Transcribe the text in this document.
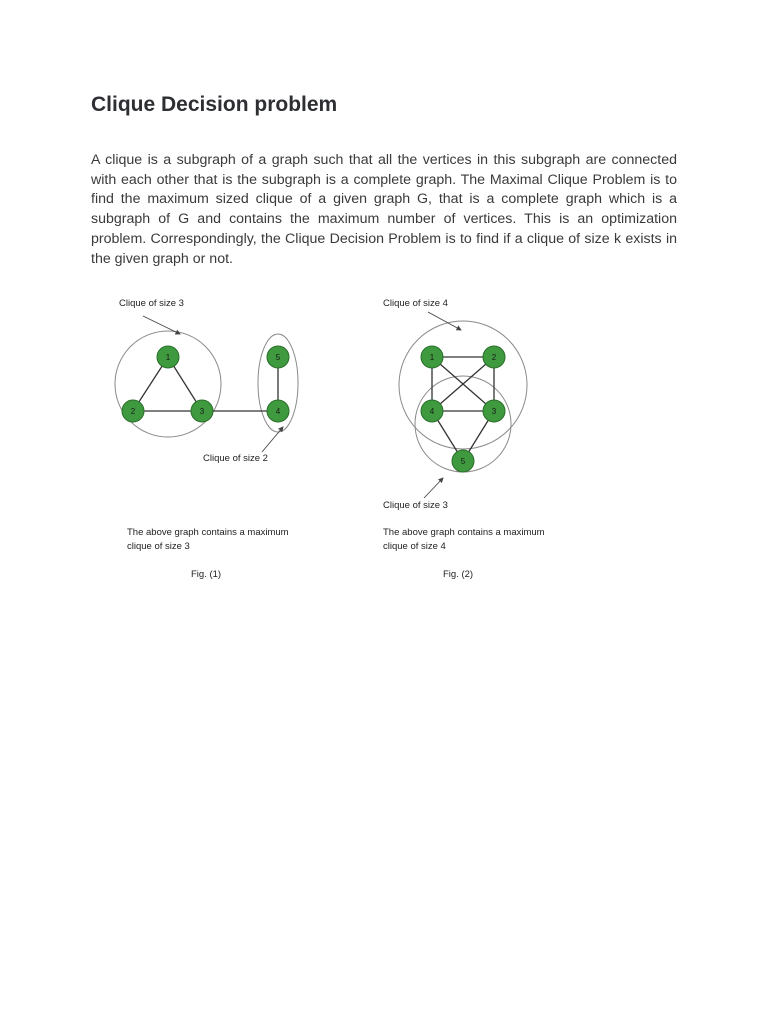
Clique Decision problem

A clique is a subgraph of a graph such that all the vertices in this subgraph are connected with each other that is the subgraph is a complete graph. The Maximal Clique Problem is to find the maximum sized clique of a given graph G, that is a complete graph which is a subgraph of G and contains the maximum number of vertices. This is an optimization problem. Correspondingly, the Clique Decision Problem is to find if a clique of size k exists in the given graph or not.

1
2	3	4
5
Clique of size 3
Clique of size 2
The above graph contains a maximum
clique of size 3
Fig. (1)
1	2
3
4
5
Clique of size 4
Clique of size 3
The above graph contains a maximum
clique of size 4
Fig. (2)
